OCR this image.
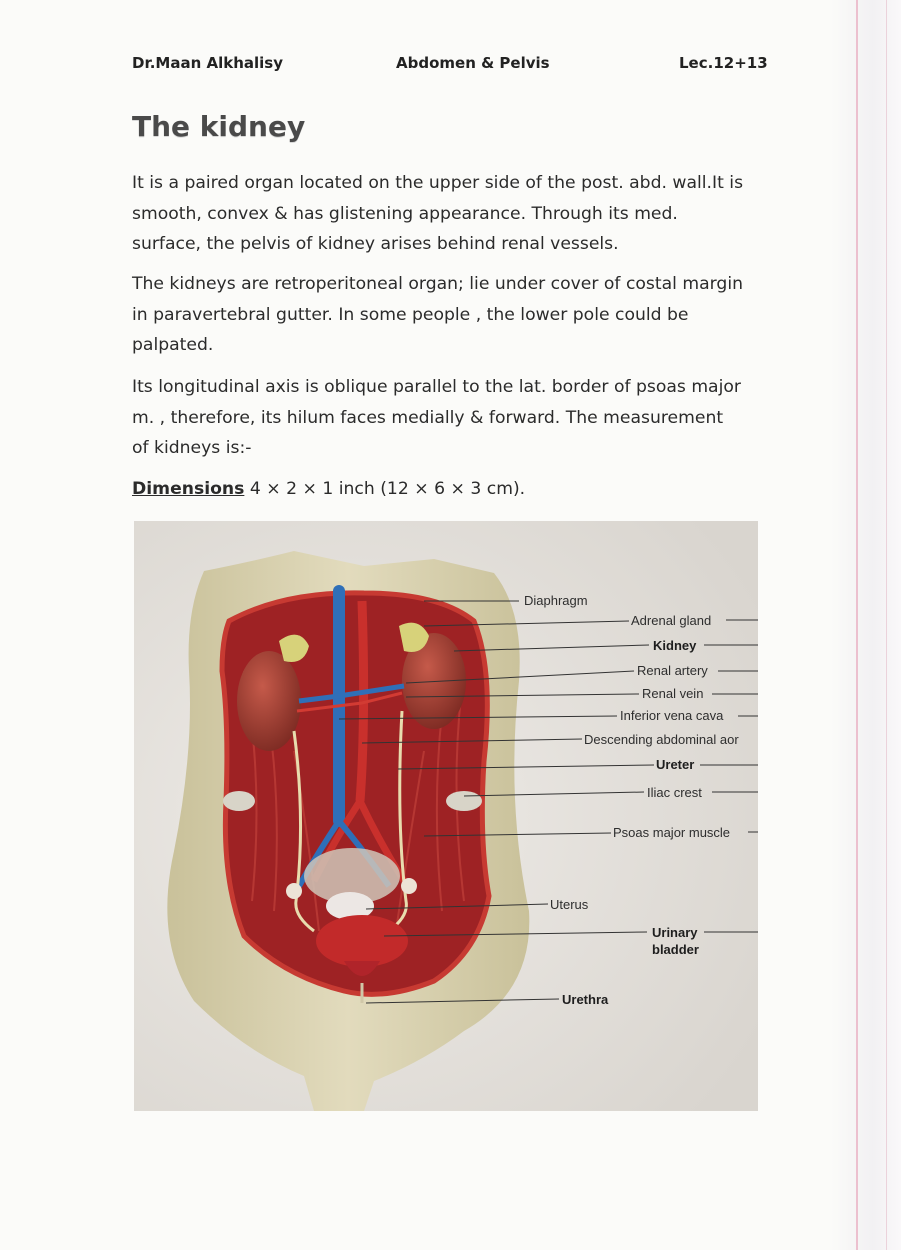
Dr.Maan Alkhalisy	Abdomen & Pelvis	Lec.12+13
The kidney

It is a paired organ located on the upper side of the post. abd. wall.It is smooth, convex & has glistening appearance. Through its med. surface, the pelvis of kidney arises behind renal vessels.

The kidneys are retroperitoneal organ; lie under cover of costal margin in paravertebral gutter. In some people , the lower pole could be palpated.

Its longitudinal axis is oblique parallel to the lat. border of psoas major m. , therefore, its hilum faces medially & forward. The measurement of kidneys is:-

Dimensions 4 × 2 × 1 inch (12 × 6 × 3 cm).
Diaphragm
Adrenal gland
Kidney
Renal artery
Renal vein
Inferior vena cava
Descending abdominal aor
Ureter
Iliac crest
Psoas major muscle
Uterus
Urinary
bladder
Urethra
